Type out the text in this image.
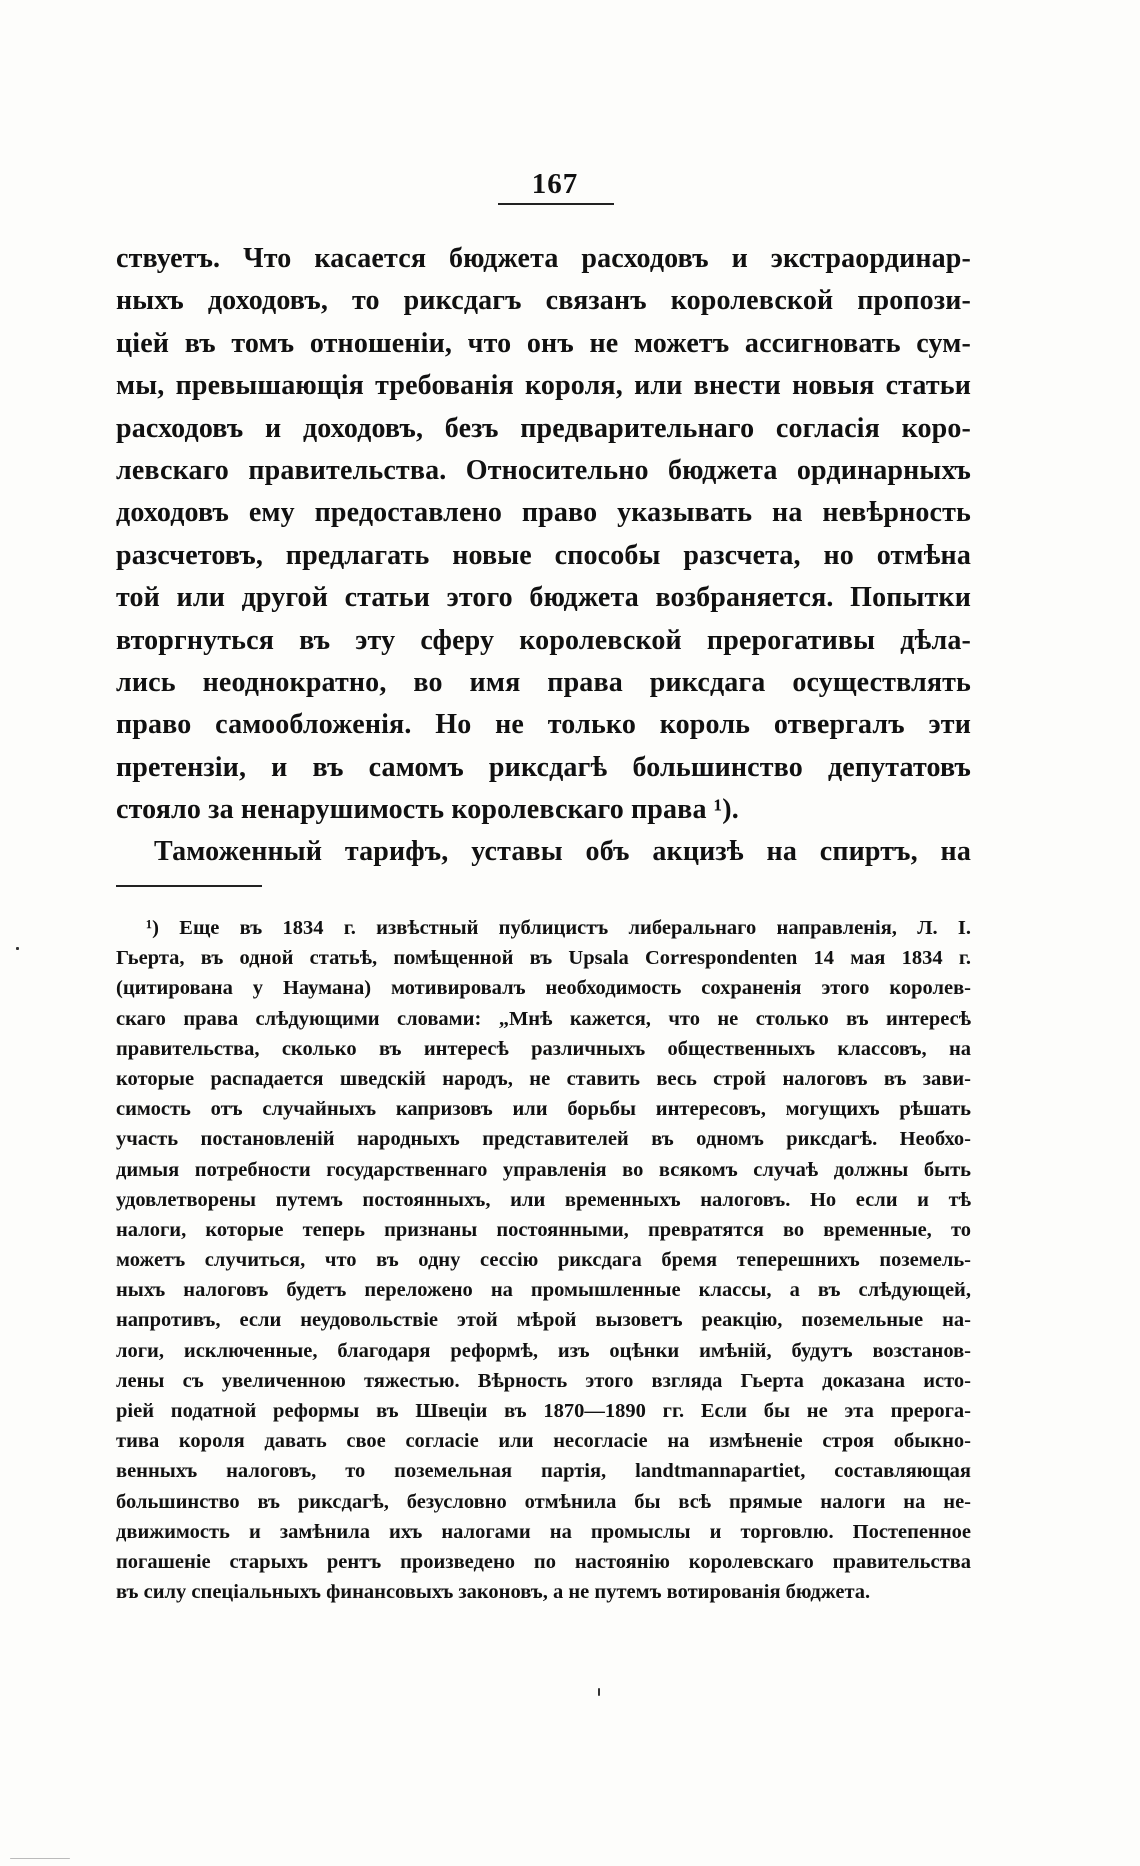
167
ствуетъ. Что касается бюджета расходовъ и экстраординар-
ныхъ доходовъ, то риксдагъ связанъ королевской пропози-
ціей въ томъ отношеніи, что онъ не можетъ ассигновать сум-
мы, превышающія требованія короля, или внести новыя статьи
расходовъ и доходовъ, безъ предварительнаго согласія коро-
левскаго правительства. Относительно бюджета ординарныхъ
доходовъ ему предоставлено право указывать на невѣрность
разсчетовъ, предлагать новые способы разсчета, но отмѣна
той или другой статьи этого бюджета возбраняется. Попытки
вторгнуться въ эту сферу королевской прерогативы дѣла-
лись неоднократно, во имя права риксдага осуществлять
право самообложенія. Но не только король отвергалъ эти
претензіи, и въ самомъ риксдагѣ большинство депутатовъ
стояло за ненарушимость королевскаго права ¹).
Таможенный тарифъ, уставы объ акцизѣ на спиртъ, на
¹) Еще въ 1834 г. извѣстный публицистъ либеральнаго направленія, Л. І.
Гьерта, въ одной статьѣ, помѣщенной въ Upsala Correspondenten 14 мая 1834 г.
(цитирована у Наумана) мотивировалъ необходимость сохраненія этого королев-
скаго права слѣдующими словами: „Мнѣ кажется, что не столько въ интересѣ
правительства, сколько въ интересѣ различныхъ общественныхъ классовъ, на
которые распадается шведскій народъ, не ставить весь строй налоговъ въ зави-
симость отъ случайныхъ капризовъ или борьбы интересовъ, могущихъ рѣшать
участь постановленій народныхъ представителей въ одномъ риксдагѣ. Необхо-
димыя потребности государственнаго управленія во всякомъ случаѣ должны быть
удовлетворены путемъ постоянныхъ, или временныхъ налоговъ. Но если и тѣ
налоги, которые теперь признаны постоянными, превратятся во временные, то
можетъ случиться, что въ одну сессію риксдага бремя теперешнихъ поземель-
ныхъ налоговъ будетъ переложено на промышленные классы, а въ слѣдующей,
напротивъ, если неудовольствіе этой мѣрой вызоветъ реакцію, поземельные на-
логи, исключенные, благодаря реформѣ, изъ оцѣнки имѣній, будутъ возстанов-
лены съ увеличенною тяжестью. Вѣрность этого взгляда Гьерта доказана исто-
ріей податной реформы въ Швеціи въ 1870—1890 гг. Если бы не эта прерога-
тива короля давать свое согласіе или несогласіе на измѣненіе строя обыкно-
венныхъ налоговъ, то поземельная партія, landtmannapartiet, составляющая
большинство въ риксдагѣ, безусловно отмѣнила бы всѣ прямые налоги на не-
движимость и замѣнила ихъ налогами на промыслы и торговлю. Постепенное
погашеніе старыхъ рентъ произведено по настоянію королевскаго правительства
въ силу спеціальныхъ финансовыхъ законовъ, а не путемъ вотированія бюджета.
